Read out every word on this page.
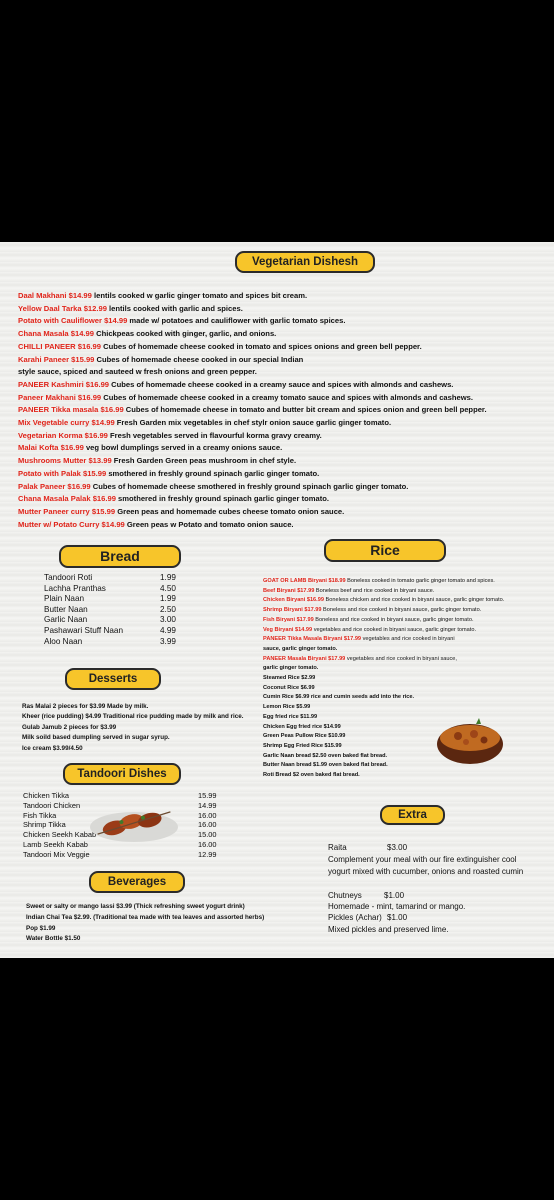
Vegetarian Dishesh
Daal Makhani $14.99 lentils cooked w garlic ginger tomato and spices bit cream.
Yellow Daal Tarka $12.99 lentils cooked with garlic and spices.
Potato with Cauliflower $14.99 made w/ potatoes and cauliflower with garlic tomato spices.
Chana Masala $14.99 Chickpeas cooked with ginger, garlic, and onions.
CHILLI PANEER $16.99 Cubes of homemade cheese cooked in tomato and spices onions and green bell pepper.
Karahi Paneer $15.99 Cubes of homemade cheese cooked in our special Indian
style sauce, spiced and sauteed w fresh onions and green pepper.
PANEER Kashmiri $16.99 Cubes of homemade cheese cooked in a creamy sauce and spices with almonds and cashews.
Paneer Makhani $16.99 Cubes of homemade cheese cooked in a creamy tomato sauce and spices with almonds and cashews.
PANEER Tikka masala $16.99 Cubes of homemade cheese in tomato and butter bit cream and spices onion and green bell pepper.
Mix Vegetable curry $14.99 Fresh Garden mix vegetables in chef stylr onion sauce garlic ginger tomato.
Vegetarian Korma $16.99 Fresh vegetables served in flavourful korma gravy creamy.
Malai Kofta $16.99 veg bowl dumplings served in a creamy onions sauce.
Mushrooms Mutter $13.99 Fresh Garden Green peas mushroom in chef style.
Potato with Palak $15.99 smothered in freshly ground spinach garlic ginger tomato.
Palak Paneer $16.99 Cubes of homemade cheese smothered in freshly ground spinach garlic ginger tomato.
Chana Masala Palak $16.99 smothered in freshly ground spinach garlic ginger tomato.
Mutter Paneer curry $15.99 Green peas and homemade cubes cheese tomato onion sauce.
Mutter w/ Potato Curry $14.99 Green peas w Potato and tomato onion sauce.
Bread
Tandoori Roti	1.99
Lachha Pranthas	4.50
Plain Naan	1.99
Butter Naan	2.50
Garlic Naan	3.00
Pashawari Stuff Naan	4.99
Aloo Naan	3.99
Desserts
Ras Malai 2 pieces for $3.99 Made by milk.
Kheer (rice pudding) $4.99 Traditional rice pudding made by milk and rice.
Gulab Jamub 2 pieces for $3.99
Milk soild based dumpling served in sugar syrup.
Ice cream $3.99/4.50
Tandoori Dishes
Chicken Tikka	15.99
Tandoori Chicken	14.99
Fish Tikka	16.00
Shrimp Tikka	16.00
Chicken Seekh Kabab	15.00
Lamb Seekh Kabab	16.00
Tandoori Mix Veggie	12.99
Beverages
Sweet or salty or mango lassi $3.99 (Thick refreshing sweet yogurt drink)
Indian Chai Tea $2.99. (Traditional tea made with tea leaves and assorted herbs)
Pop $1.99
Water Bottle $1.50
Rice
GOAT OR LAMB Biryani $18.99 Boneless cooked in tomato garlic ginger tomato and spices.
Beef Biryani $17.99 Boneless beef and rice cooked in biryani sauce.
Chicken Biryani $16.99 Boneless chicken and rice cooked in biryani sauce, garlic ginger tomato.
Shrimp Biryani $17.99 Boneless and rice cooked in biryani sauce, garlic ginger tomato.
Fish Biryani $17.99 Boneless and rice cooked in biryani sauce, garlic ginger tomato.
Veg Biryani $14.99 vegetables and rice cooked in biryani sauce, garlic ginger tomato.
PANEER Tikka Masala Biryani $17.99 vegetables and rice cooked in biryani
sauce, garlic ginger tomato.
PANEER Masala Biryani $17.99 vegetables and rice cooked in biryani sauce,
garlic ginger tomato.
Steamed Rice $2.99
Coconut Rice $6.99
Cumin Rice $6.99 rice and cumin seeds add into the rice.
Lemon Rice $5.99
Egg fried rice $11.99
Chicken Egg fried rice $14.99
Green Peas Pullow Rice $10.99
Shrimp Egg Fried Rice $15.99
Garlic Naan bread $2.50 oven baked flat bread.
Butter Naan bread $1.99 oven baked flat bread.
Roti Bread $2 oven baked flat bread.
Extra
Raita	$3.00
Complement your meal with our fire extinguisher cool
yogurt mixed with cucumber, onions and roasted cumin
Chutneys	$1.00
Homemade - mint, tamarind or mango.
Pickles (Achar) $1.00
Mixed pickles and preserved lime.
